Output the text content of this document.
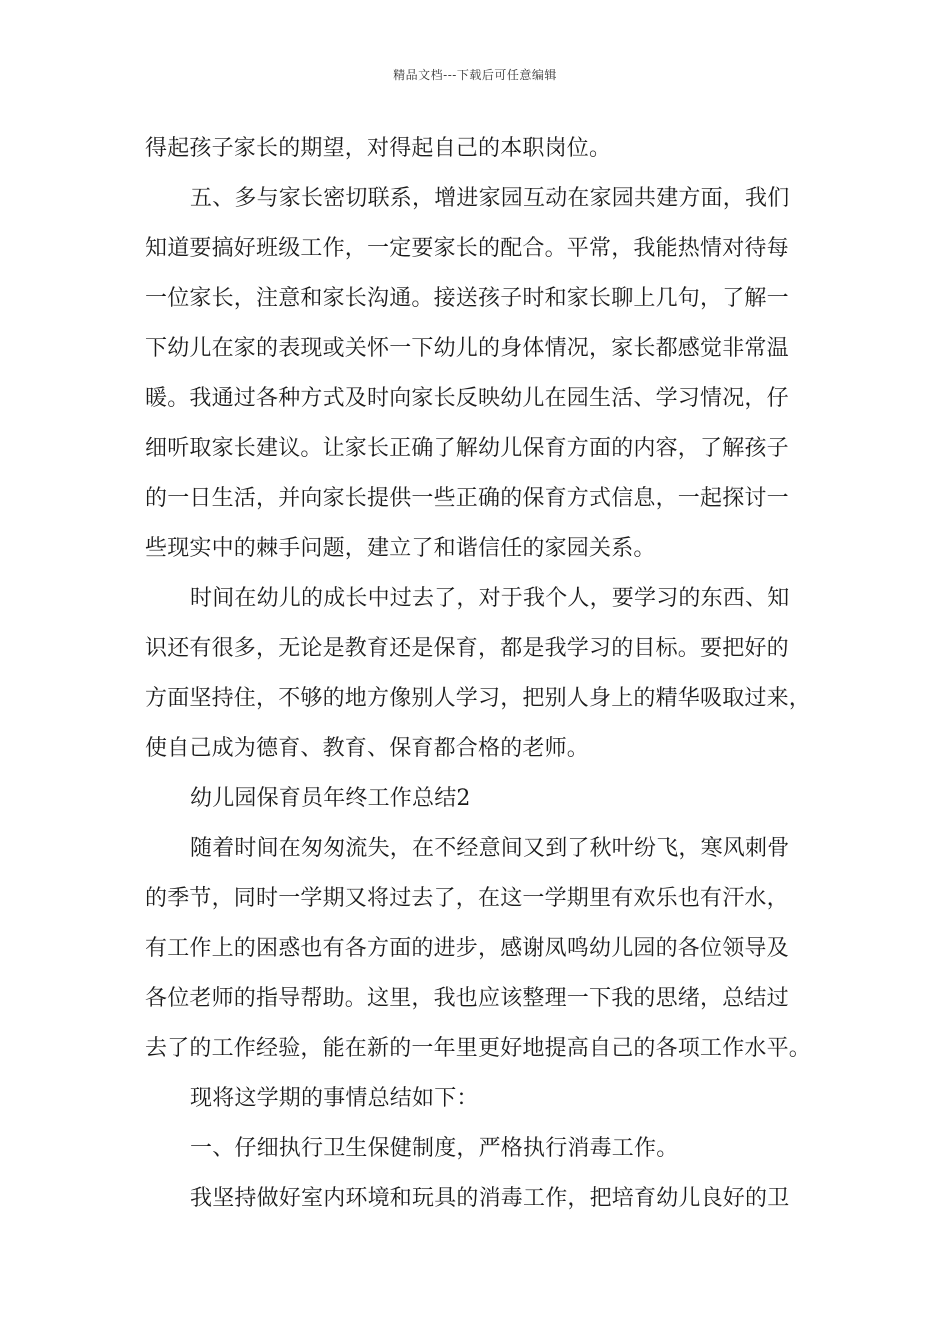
精品文档---下载后可任意编辑
得起孩子家长的期望，对得起自己的本职岗位。
五、多与家长密切联系，增进家园互动在家园共建方面，我们
知道要搞好班级工作，一定要家长的配合。平常，我能热情对待每
一位家长，注意和家长沟通。接送孩子时和家长聊上几句，了解一
下幼儿在家的表现或关怀一下幼儿的身体情况，家长都感觉非常温
暖。我通过各种方式及时向家长反映幼儿在园生活、学习情况，仔
细听取家长建议。让家长正确了解幼儿保育方面的内容，了解孩子
的一日生活，并向家长提供一些正确的保育方式信息，一起探讨一
些现实中的棘手问题，建立了和谐信任的家园关系。
时间在幼儿的成长中过去了，对于我个人，要学习的东西、知
识还有很多，无论是教育还是保育，都是我学习的目标。要把好的
方面坚持住，不够的地方像别人学习，把别人身上的精华吸取过来，
使自己成为德育、教育、保育都合格的老师。
幼儿园保育员年终工作总结2
随着时间在匆匆流失，在不经意间又到了秋叶纷飞，寒风刺骨
的季节，同时一学期又将过去了，在这一学期里有欢乐也有汗水，
有工作上的困惑也有各方面的进步，感谢凤鸣幼儿园的各位领导及
各位老师的指导帮助。这里，我也应该整理一下我的思绪，总结过
去了的工作经验，能在新的一年里更好地提高自己的各项工作水平。
现将这学期的事情总结如下：
一、仔细执行卫生保健制度，严格执行消毒工作。
我坚持做好室内环境和玩具的消毒工作，把培育幼儿良好的卫
